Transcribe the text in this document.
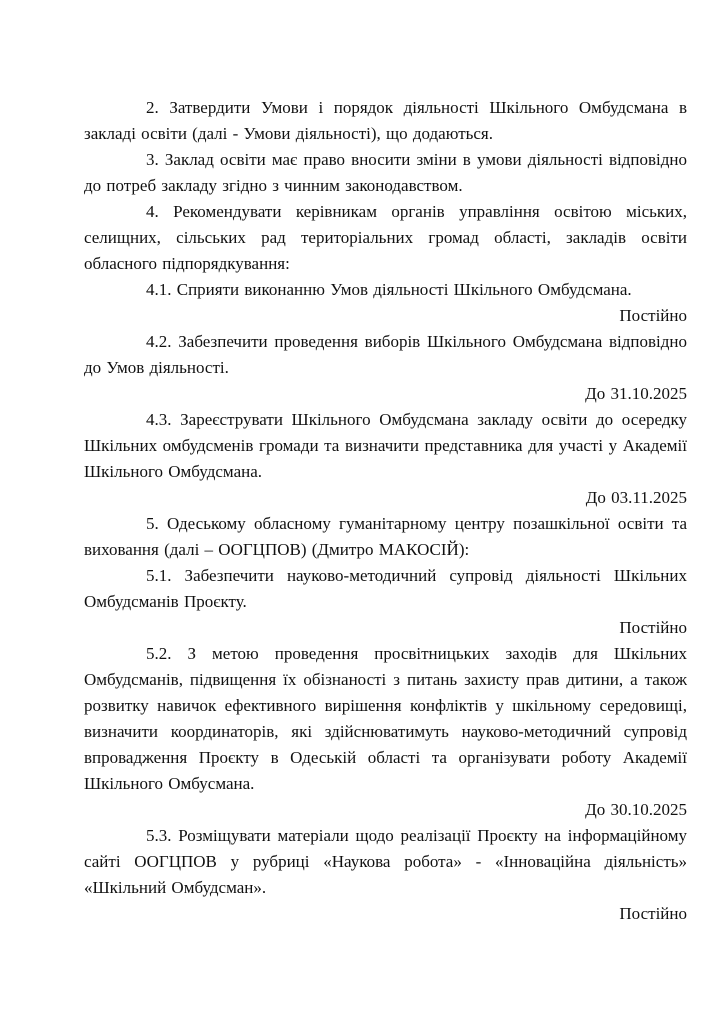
2. Затвердити Умови і порядок діяльності Шкільного Омбудсмана в закладі освіти (далі - Умови діяльності), що додаються.

3. Заклад освіти має право вносити зміни в умови діяльності відповідно до потреб закладу згідно з чинним законодавством.

4. Рекомендувати керівникам органів управління освітою міських, селищних, сільських рад територіальних громад області, закладів освіти обласного підпорядкування:

4.1. Сприяти виконанню Умов діяльності Шкільного Омбудсмана.

Постійно

4.2. Забезпечити проведення виборів Шкільного Омбудсмана відповідно до Умов діяльності.

До 31.10.2025

4.3. Зареєструвати Шкільного Омбудсмана закладу освіти до осередку Шкільних омбудсменів громади та визначити представника для участі у Академії Шкільного Омбудсмана.

До 03.11.2025

5. Одеському обласному гуманітарному центру позашкільної освіти та виховання (далі – ООГЦПОВ) (Дмитро МАКОСІЙ):

5.1. Забезпечити науково-методичний супровід діяльності Шкільних Омбудсманів Проєкту.

Постійно

5.2. З метою проведення просвітницьких заходів для Шкільних Омбудсманів, підвищення їх обізнаності з питань захисту прав дитини, а також розвитку навичок ефективного вирішення конфліктів у шкільному середовищі, визначити координаторів, які здійснюватимуть науково-методичний супровід впровадження Проєкту в Одеській області та організувати роботу Академії Шкільного Омбусмана.

До 30.10.2025

5.3. Розміщувати матеріали щодо реалізації Проєкту на інформаційному сайті ООГЦПОВ у рубриці «Наукова робота» - «Інноваційна діяльність» «Шкільний Омбудсман».

Постійно
